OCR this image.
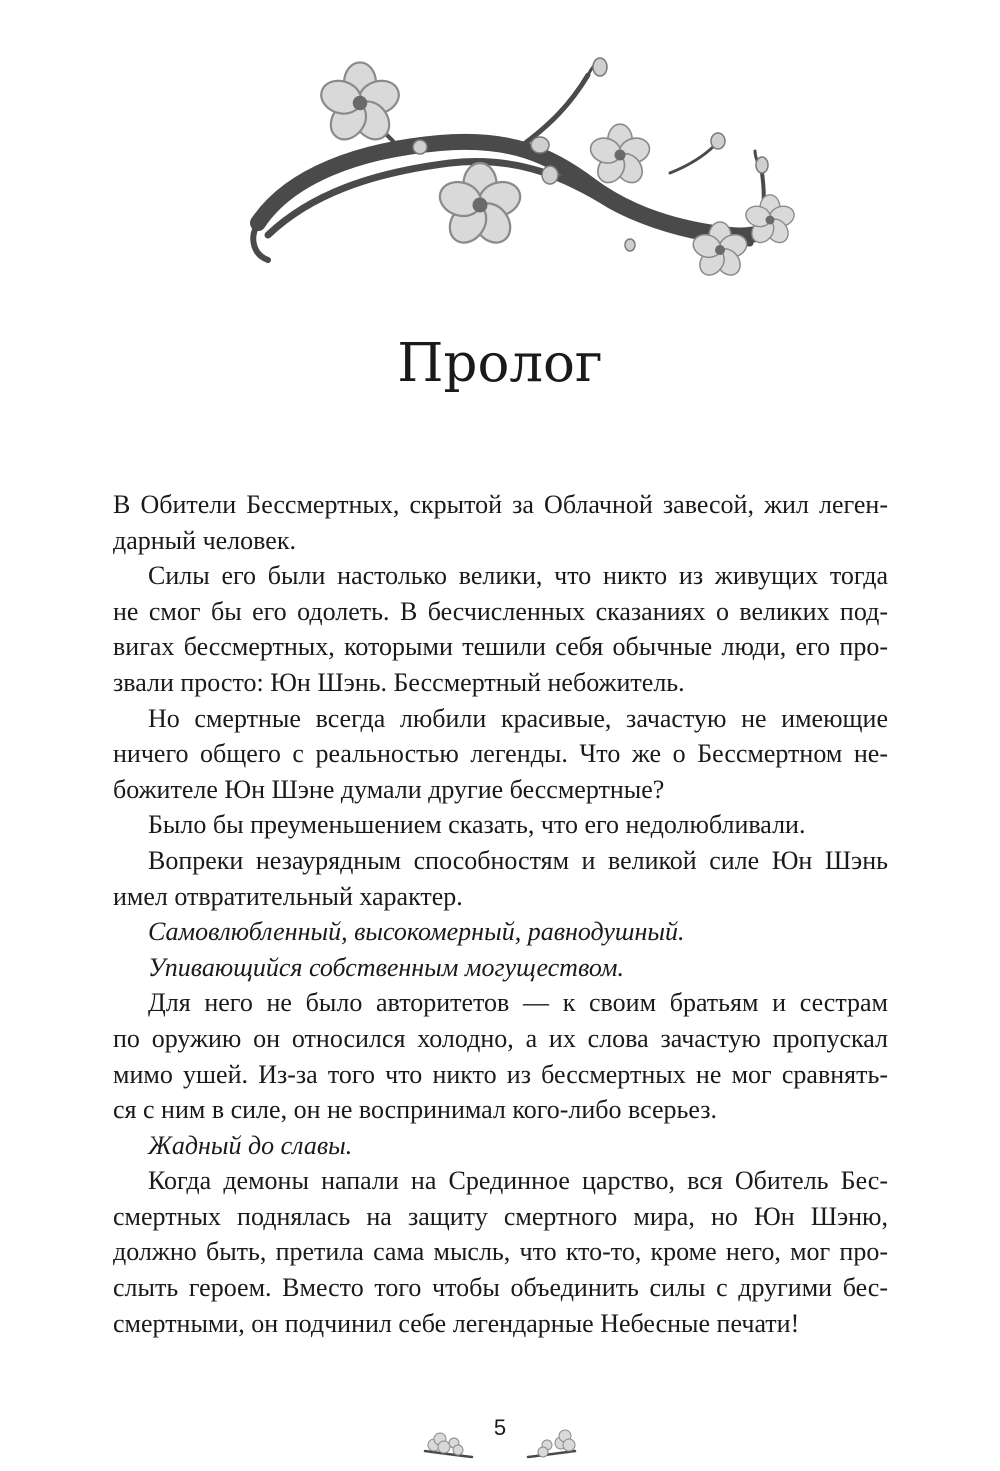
Пролог

В Обители Бессмертных, скрытой за Облачной завесой, жил леген-
дарный человек.

Силы его были настолько велики, что никто из живущих тогда
не смог бы его одолеть. В бесчисленных сказаниях о великих под-
вигах бессмертных, которыми тешили себя обычные люди, его про-
звали просто: Юн Шэнь. Бессмертный небожитель.

Но смертные всегда любили красивые, зачастую не имеющие
ничего общего с реальностью легенды. Что же о Бессмертном не-
божителе Юн Шэне думали другие бессмертные?

Было бы преуменьшением сказать, что его недолюбливали.

Вопреки незаурядным способностям и великой силе Юн Шэнь
имел отвратительный характер.

Самовлюбленный, высокомерный, равнодушный.

Упивающийся собственным могуществом.

Для него не было авторитетов — к своим братьям и сестрам
по оружию он относился холодно, а их слова зачастую пропускал
мимо ушей. Из-за того что никто из бессмертных не мог сравнять-
ся с ним в силе, он не воспринимал кого-либо всерьез.

Жадный до славы.

Когда демоны напали на Срединное царство, вся Обитель Бес-
смертных поднялась на защиту смертного мира, но Юн Шэню,
должно быть, претила сама мысль, что кто-то, кроме него, мог про-
слыть героем. Вместо того чтобы объединить силы с другими бес-
смертными, он подчинил себе легендарные Небесные печати!

5
